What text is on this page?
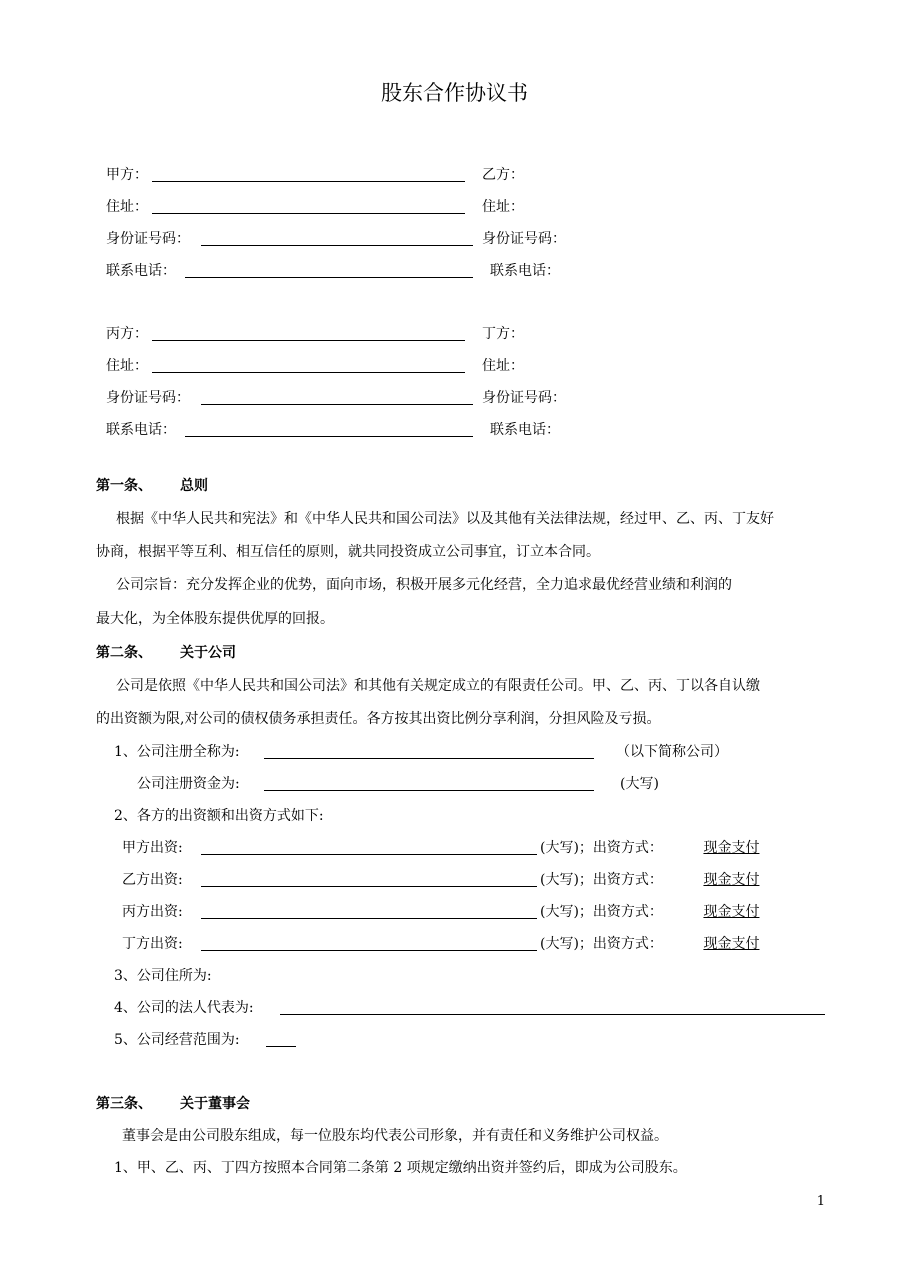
股东合作协议书
甲方：	乙方：
住址：	住址：
身份证号码：	身份证号码：
联系电话：	联系电话：
丙方：	丁方：
住址：	住址：
身份证号码：	身份证号码：
联系电话：	联系电话：
第一条、 总则
根据《中华人民共和宪法》和《中华人民共和国公司法》以及其他有关法律法规，经过甲、乙、丙、丁友好
协商，根据平等互利、相互信任的原则，就共同投资成立公司事宜，订立本合同。
公司宗旨：充分发挥企业的优势，面向市场，积极开展多元化经营，全力追求最优经营业绩和利润的
最大化，为全体股东提供优厚的回报。
第二条、 关于公司
公司是依照《中华人民共和国公司法》和其他有关规定成立的有限责任公司。甲、乙、丙、丁以各自认缴
的出资额为限,对公司的债权债务承担责任。各方按其出资比例分享利润，分担风险及亏损。
1、公司注册全称为:	（以下简称公司）
公司注册资金为:	(大写)
2、各方的出资额和出资方式如下:
甲方出资:	(大写)；出资方式：	现金支付
乙方出资:	(大写)；出资方式：	现金支付
丙方出资:	(大写)；出资方式：	现金支付
丁方出资:	(大写)；出资方式：	现金支付
3、公司住所为:
4、公司的法人代表为:
5、公司经营范围为:
第三条、 关于董事会
董事会是由公司股东组成，每一位股东均代表公司形象，并有责任和义务维护公司权益。
1、甲、乙、丙、丁四方按照本合同第二条第 2 项规定缴纳出资并签约后，即成为公司股东。
1
